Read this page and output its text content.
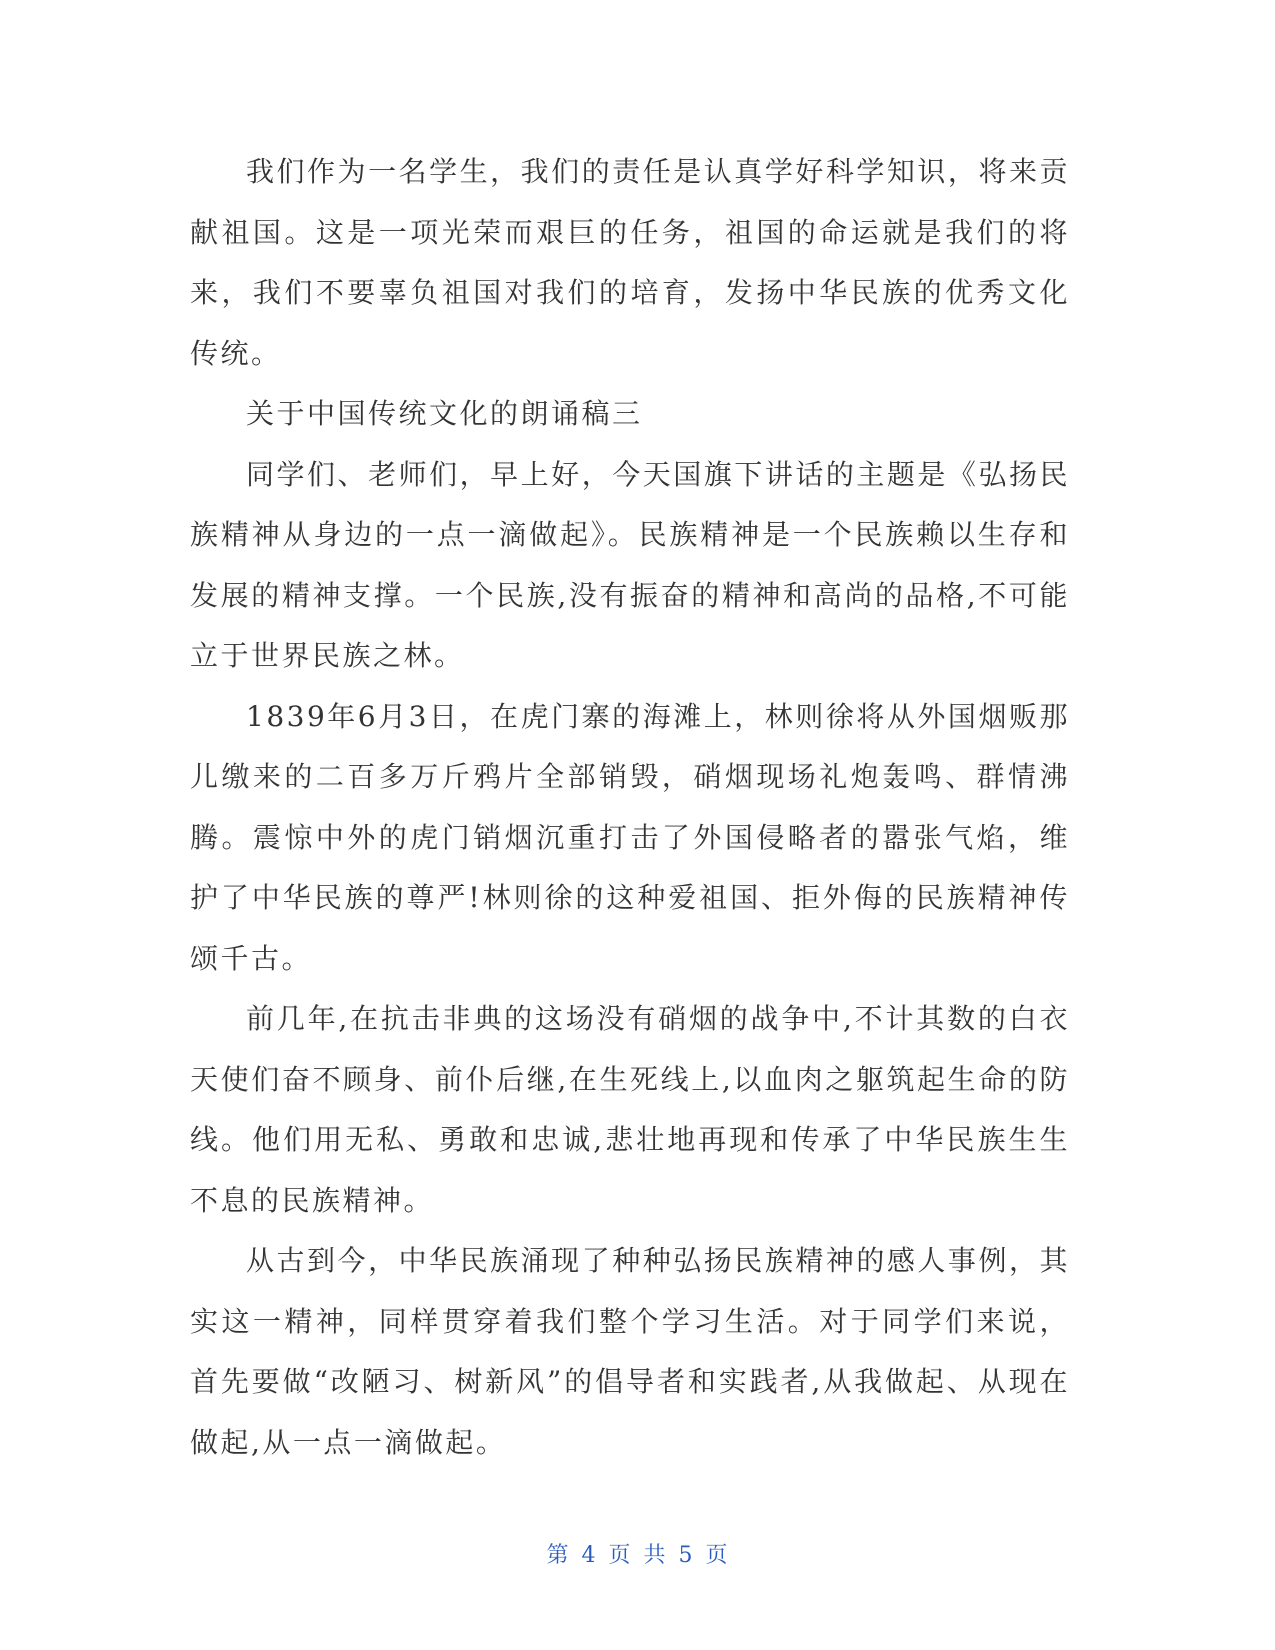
我们作为一名学生，我们的责任是认真学好科学知识，将来贡献祖国。这是一项光荣而艰巨的任务，祖国的命运就是我们的将来，我们不要辜负祖国对我们的培育，发扬中华民族的优秀文化传统。

关于中国传统文化的朗诵稿三

同学们、老师们，早上好，今天国旗下讲话的主题是《弘扬民族精神从身边的一点一滴做起》。民族精神是一个民族赖以生存和发展的精神支撑。一个民族,没有振奋的精神和高尚的品格,不可能立于世界民族之林。

1839年6月3日，在虎门寨的海滩上，林则徐将从外国烟贩那儿缴来的二百多万斤鸦片全部销毁，硝烟现场礼炮轰鸣、群情沸腾。震惊中外的虎门销烟沉重打击了外国侵略者的嚣张气焰，维护了中华民族的尊严!林则徐的这种爱祖国、拒外侮的民族精神传颂千古。

前几年,在抗击非典的这场没有硝烟的战争中,不计其数的白衣天使们奋不顾身、前仆后继,在生死线上,以血肉之躯筑起生命的防线。他们用无私、勇敢和忠诚,悲壮地再现和传承了中华民族生生不息的民族精神。

从古到今，中华民族涌现了种种弘扬民族精神的感人事例，其实这一精神，同样贯穿着我们整个学习生活。对于同学们来说，首先要做“改陋习、树新风”的倡导者和实践者,从我做起、从现在做起,从一点一滴做起。

第 4 页 共 5 页
